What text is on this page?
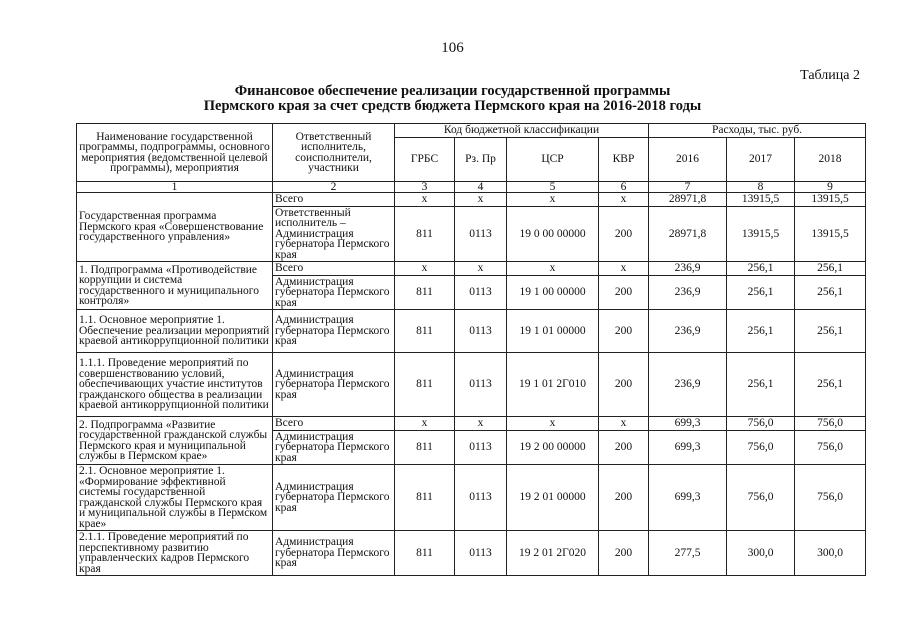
106
Таблица 2
Финансовое обеспечение реализации государственной программы
Пермского края за счет средств бюджета Пермского края на 2016-2018 годы
Наименование государственной программы, подпрограммы, основного мероприятия (ведомственной целевой программы), мероприятия	Ответственный исполнитель, соисполнители, участники	Код бюджетной классификации				Расходы, тыс. руб.		
		ГРБС	Рз. Пр	ЦСР	КВР	2016	2017	2018
1	2	3	4	5	6	7	8	9
Государственная программа Пермского края «Совершенствование государственного управления»	Всего	х	х	х	х	28971,8	13915,5	13915,5
	Ответственный исполнитель – Администрация губернатора Пермского края	811	0113	19 0 00 00000	200	28971,8	13915,5	13915,5
1. Подпрограмма «Противодействие коррупции и система государственного и муниципального контроля»	Всего	х	х	х	х	236,9	256,1	256,1
	Администрация губернатора Пермского края	811	0113	19 1 00 00000	200	236,9	256,1	256,1
1.1. Основное мероприятие 1. Обеспечение реализации мероприятий краевой антикоррупционной политики	Администрация губернатора Пермского края	811	0113	19 1 01 00000	200	236,9	256,1	256,1
1.1.1. Проведение мероприятий по совершенствованию условий, обеспечивающих участие институтов гражданского общества в реализации краевой антикоррупционной политики	Администрация губернатора Пермского края	811	0113	19 1 01 2Г010	200	236,9	256,1	256,1
2. Подпрограмма «Развитие государственной гражданской службы Пермского края и муниципальной службы в Пермском крае»	Всего	х	х	х	х	699,3	756,0	756,0
	Администрация губернатора Пермского края	811	0113	19 2 00 00000	200	699,3	756,0	756,0
2.1. Основное мероприятие 1. «Формирование эффективной системы государственной гражданской службы Пермского края и муниципальной службы в Пермском крае»	Администрация губернатора Пермского края	811	0113	19 2 01 00000	200	699,3	756,0	756,0
2.1.1. Проведение мероприятий по перспективному развитию управленческих кадров Пермского края	Администрация губернатора Пермского края	811	0113	19 2 01 2Г020	200	277,5	300,0	300,0
